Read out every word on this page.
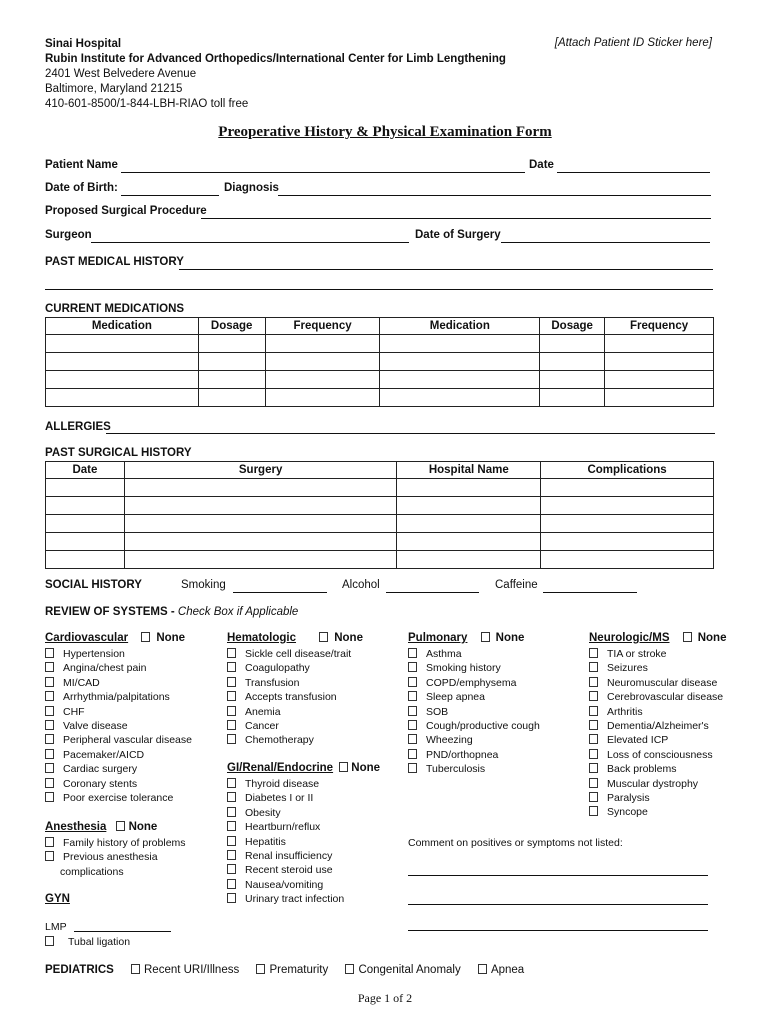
Sinai Hospital
Rubin Institute for Advanced Orthopedics/International Center for Limb Lengthening
2401 West Belvedere Avenue
Baltimore, Maryland 21215
410-601-8500/1-844-LBH-RIAO toll free
[Attach Patient ID Sticker here]
Preoperative History & Physical Examination Form
Patient Name	Date
Date of Birth:	Diagnosis
Proposed Surgical Procedure
Surgeon	Date of Surgery
PAST MEDICAL HISTORY
CURRENT MEDICATIONS
Medication	Dosage	Frequency	Medication	Dosage	Frequency

ALLERGIES
PAST SURGICAL HISTORY
Date	Surgery	Hospital Name	Complications

SOCIAL HISTORY	Smoking	Alcohol	Caffeine
REVIEW OF SYSTEMS - Check Box if Applicable
Cardiovascular None
Hypertension
Angina/chest pain
MI/CAD
Arrhythmia/palpitations
CHF
Valve disease
Peripheral vascular disease
Pacemaker/AICD
Cardiac surgery
Coronary stents
Poor exercise tolerance
Anesthesia None
Family history of problems
Previous anesthesia
complications
GYN
LMP
Tubal ligation
Hematologic	None
Sickle cell disease/trait
Coagulopathy
Transfusion
Accepts transfusion
Anemia
Cancer
Chemotherapy
GI/Renal/Endocrine None
Thyroid disease
Diabetes I or II
Obesity
Heartburn/reflux
Hepatitis
Renal insufficiency
Recent steroid use
Nausea/vomiting
Urinary tract infection
Pulmonary None
Asthma
Smoking history
COPD/emphysema
Sleep apnea
SOB
Cough/productive cough
Wheezing
PND/orthopnea
Tuberculosis
Comment on positives or symptoms not listed:
Neurologic/MS None
TIA or stroke
Seizures
Neuromuscular disease
Cerebrovascular disease
Arthritis
Dementia/Alzheimer's
Elevated ICP
Loss of consciousness
Back problems
Muscular dystrophy
Paralysis
Syncope
PEDIATRICS	Recent URI/Illness	Prematurity	Congenital Anomaly	Apnea
Page 1 of 2
